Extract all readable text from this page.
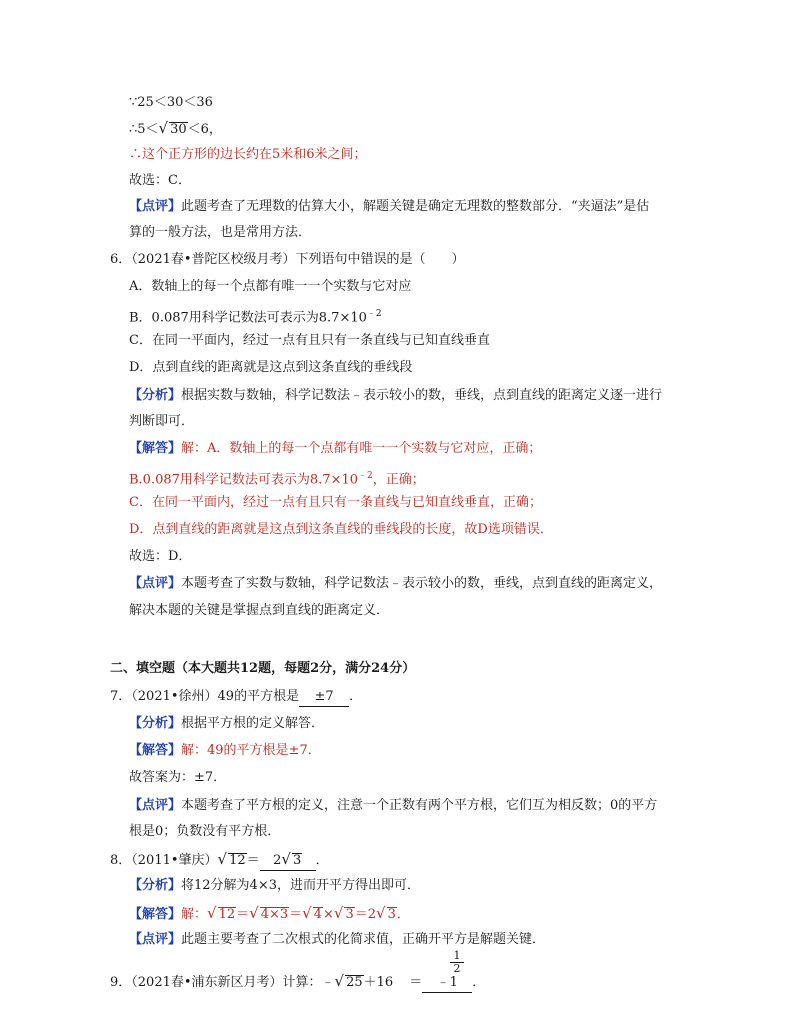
∵25＜30＜36
∴5＜√ 30＜6，
∴这个正方形的边长约在5米和6米之间；
故选：C．
【点评】此题考查了无理数的估算大小，解题关键是确定无理数的整数部分．“夹逼法”是估
算的一般方法，也是常用方法．
6．（2021春•普陀区校级月考）下列语句中错误的是（　　）
A．数轴上的每一个点都有唯一一个实数与它对应
B．0.087用科学记数法可表示为$8.7\times 10^{﹣2}$
C．在同一平面内，经过一点有且只有一条直线与已知直线垂直
D．点到直线的距离就是这点到这条直线的垂线段
【分析】根据实数与数轴，科学记数法﹣表示较小的数，垂线，点到直线的距离定义逐一进行
判断即可．
【解答】解：A．数轴上的每一个点都有唯一一个实数与它对应，正确；
B.0.087用科学记数法可表示为$8.7\times 10^{﹣2}$，正确；
C．在同一平面内，经过一点有且只有一条直线与已知直线垂直，正确；
D．点到直线的距离就是这点到这条直线的垂线段的长度，故D选项错误．
故选：D．
【点评】本题考查了实数与数轴，科学记数法﹣表示较小的数，垂线，点到直线的距离定义，
解决本题的关键是掌握点到直线的距离定义．
二、填空题（本大题共12题，每题2分，满分24分）
7．（2021•徐州）49的平方根是 ±7 ．
【分析】根据平方根的定义解答．
【解答】解：49的平方根是±7．
故答案为：±7．
【点评】本题考查了平方根的定义，注意一个正数有两个平方根，它们互为相反数；0的平方
根是0；负数没有平方根．
8．（2011•肇庆）√ 12＝ 2√ 3 ．
【分析】将12分解为4×3，进而开平方得出即可．
【解答】解：√ 12＝√ 4×3＝√ 4×√ 3＝2√ 3．
【点评】此题主要考查了二次根式的化简求值，正确开平方是解题关键．
$\frac{1}{2}$
9．（2021春•浦东新区月考）计算：﹣√ 25＋16 ＝ ﹣1 ．
